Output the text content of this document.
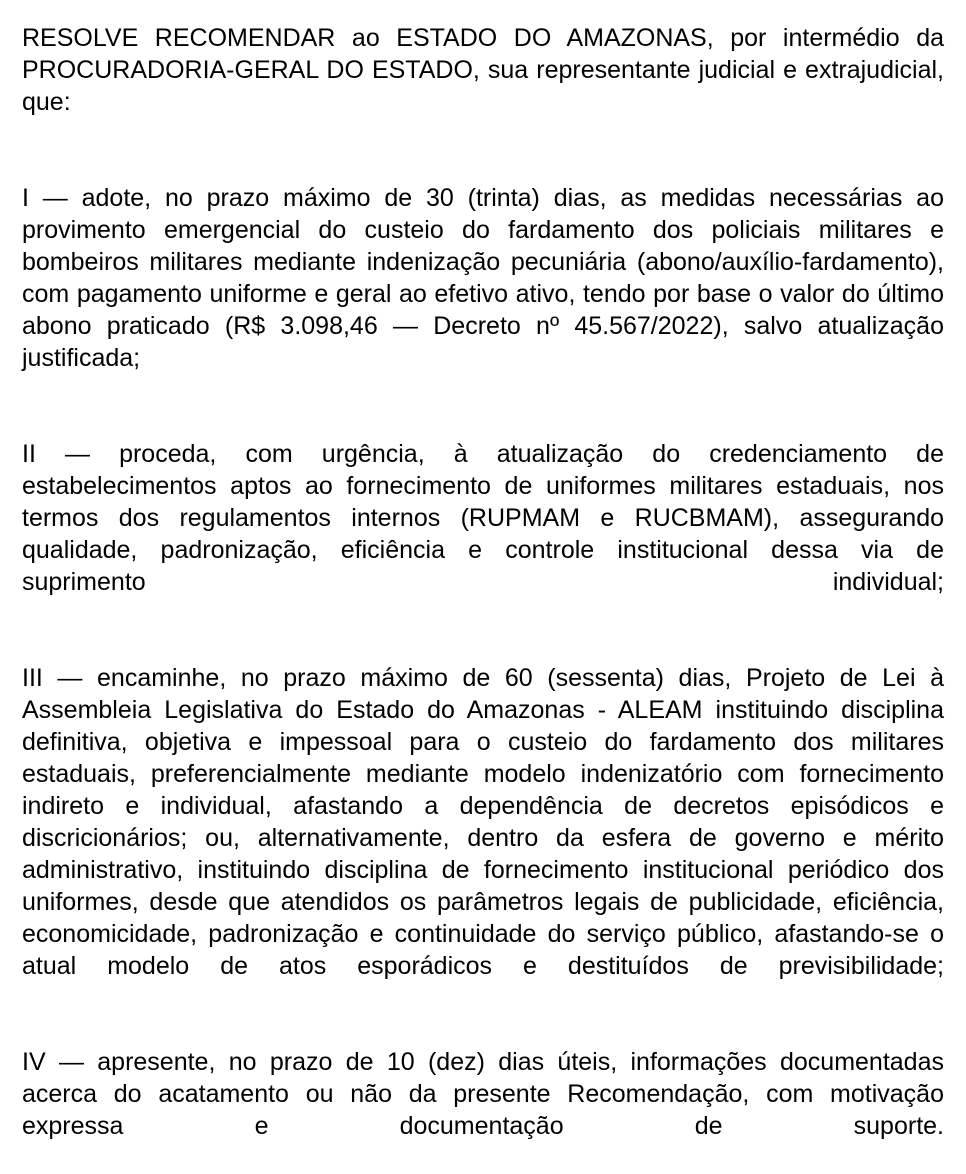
RESOLVE RECOMENDAR ao ESTADO DO AMAZONAS, por intermédio da PROCURADORIA-GERAL DO ESTADO, sua representante judicial e extrajudicial, que:

I — adote, no prazo máximo de 30 (trinta) dias, as medidas necessárias ao provimento emergencial do custeio do fardamento dos policiais militares e bombeiros militares mediante indenização pecuniária (abono/auxílio-fardamento), com pagamento uniforme e geral ao efetivo ativo, tendo por base o valor do último abono praticado (R$ 3.098,46 — Decreto nº 45.567/2022), salvo atualização justificada;

II — proceda, com urgência, à atualização do credenciamento de estabelecimentos aptos ao fornecimento de uniformes militares estaduais, nos termos dos regulamentos internos (RUPMAM e RUCBMAM), assegurando qualidade, padronização, eficiência e controle institucional dessa via de suprimento individual;

III — encaminhe, no prazo máximo de 60 (sessenta) dias, Projeto de Lei à Assembleia Legislativa do Estado do Amazonas - ALEAM instituindo disciplina definitiva, objetiva e impessoal para o custeio do fardamento dos militares estaduais, preferencialmente mediante modelo indenizatório com fornecimento indireto e individual, afastando a dependência de decretos episódicos e discricionários; ou, alternativamente, dentro da esfera de governo e mérito administrativo, instituindo disciplina de fornecimento institucional periódico dos uniformes, desde que atendidos os parâmetros legais de publicidade, eficiência, economicidade, padronização e continuidade do serviço público, afastando-se o atual modelo de atos esporádicos e destituídos de previsibilidade;

IV — apresente, no prazo de 10 (dez) dias úteis, informações documentadas acerca do acatamento ou não da presente Recomendação, com motivação expressa e documentação de suporte.
